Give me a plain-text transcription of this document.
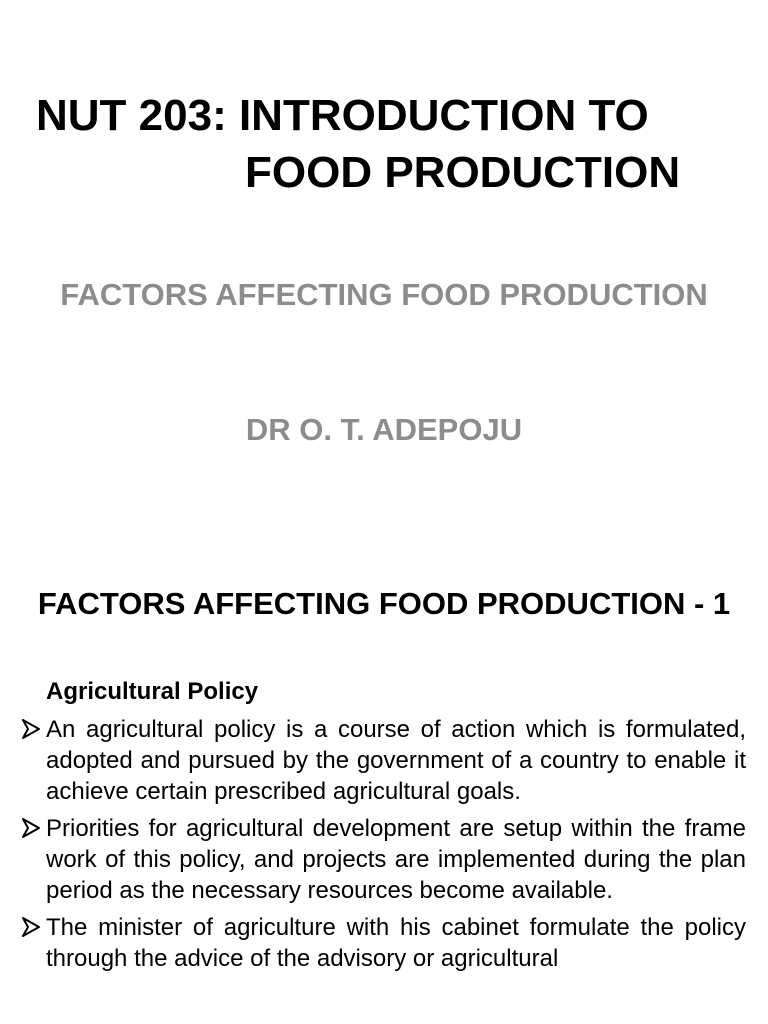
NUT 203: INTRODUCTION TO
FOOD PRODUCTION
FACTORS AFFECTING FOOD PRODUCTION
DR O. T. ADEPOJU
FACTORS AFFECTING FOOD PRODUCTION - 1
Agricultural Policy
An agricultural policy is a course of action which is formulated, adopted and pursued by the government of a country to enable it achieve certain prescribed agricultural goals.
Priorities for agricultural development are setup within the frame work of this policy, and projects are implemented during the plan period as the necessary resources become available.
The minister of agriculture with his cabinet formulate the policy through the advice of the advisory or agricultural
